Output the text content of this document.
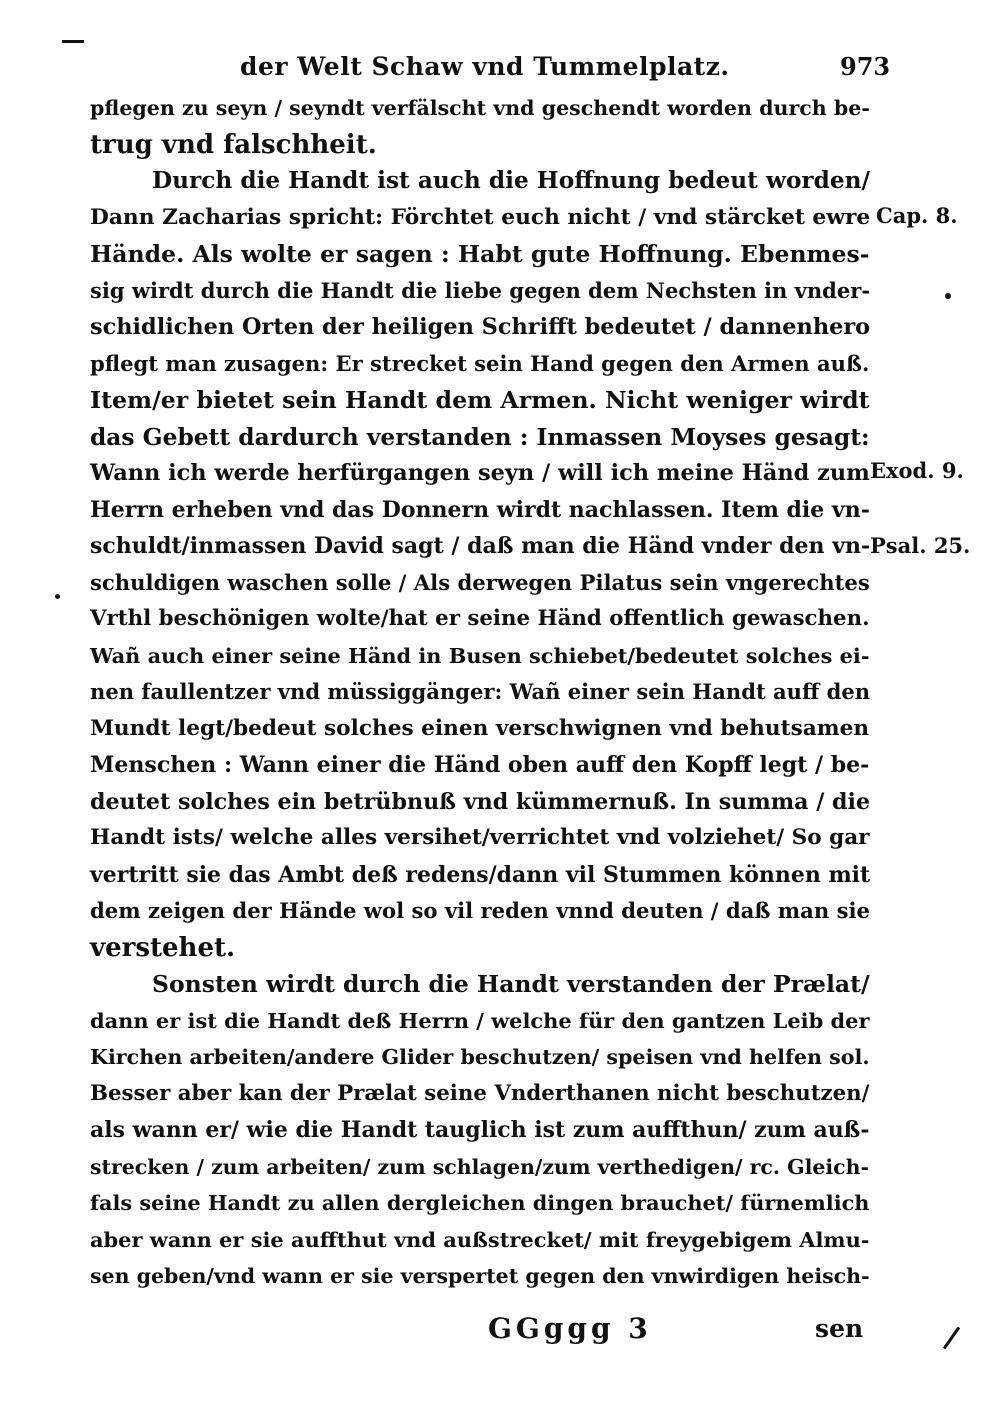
der Welt Schaw vnd Tummelplatz.	973
pflegen zu seyn / seyndt verfälscht vnd geschendt worden durch be-
trug vnd falschheit.
Durch die Handt ist auch die Hoffnung bedeut worden/
Dann Zacharias spricht: Förchtet euch nicht / vnd stärcket ewre
Hände. Als wolte er sagen : Habt gute Hoffnung. Ebenmes-
sig wirdt durch die Handt die liebe gegen dem Nechsten in vnder-
schidlichen Orten der heiligen Schrifft bedeutet / dannenhero
pflegt man zusagen: Er strecket sein Hand gegen den Armen auß.
Item/er bietet sein Handt dem Armen. Nicht weniger wirdt
das Gebett dardurch verstanden : Inmassen Moyses gesagt:
Wann ich werde herfürgangen seyn / will ich meine Händ zum
Herrn erheben vnd das Donnern wirdt nachlassen. Item die vn-
schuldt/inmassen David sagt / daß man die Händ vnder den vn-
schuldigen waschen solle / Als derwegen Pilatus sein vngerechtes
Vrthl beschönigen wolte/hat er seine Händ offentlich gewaschen.
Wañ auch einer seine Händ in Busen schiebet/bedeutet solches ei-
nen faullentzer vnd müssiggänger: Wañ einer sein Handt auff den
Mundt legt/bedeut solches einen verschwignen vnd behutsamen
Menschen : Wann einer die Händ oben auff den Kopff legt / be-
deutet solches ein betrübnuß vnd kümmernuß. In summa / die
Handt ists/ welche alles versihet/verrichtet vnd volziehet/ So gar
vertritt sie das Ambt deß redens/dann vil Stummen können mit
dem zeigen der Hände wol so vil reden vnnd deuten / daß man sie
verstehet.
Sonsten wirdt durch die Handt verstanden der Prælat/
dann er ist die Handt deß Herrn / welche für den gantzen Leib der
Kirchen arbeiten/andere Glider beschutzen/ speisen vnd helfen sol.
Besser aber kan der Prælat seine Vnderthanen nicht beschutzen/
als wann er/ wie die Handt tauglich ist zum auffthun/ zum auß-
strecken / zum arbeiten/ zum schlagen/zum verthedigen/ rc. Gleich-
fals seine Handt zu allen dergleichen dingen brauchet/ fürnemlich
aber wann er sie auffthut vnd außstrecket/ mit freygebigem Almu-
sen geben/vnd wann er sie verspertet gegen den vnwirdigen heisch-
Cap. 8.
Exod. 9.
Psal. 25.
GGggg 3	sen
